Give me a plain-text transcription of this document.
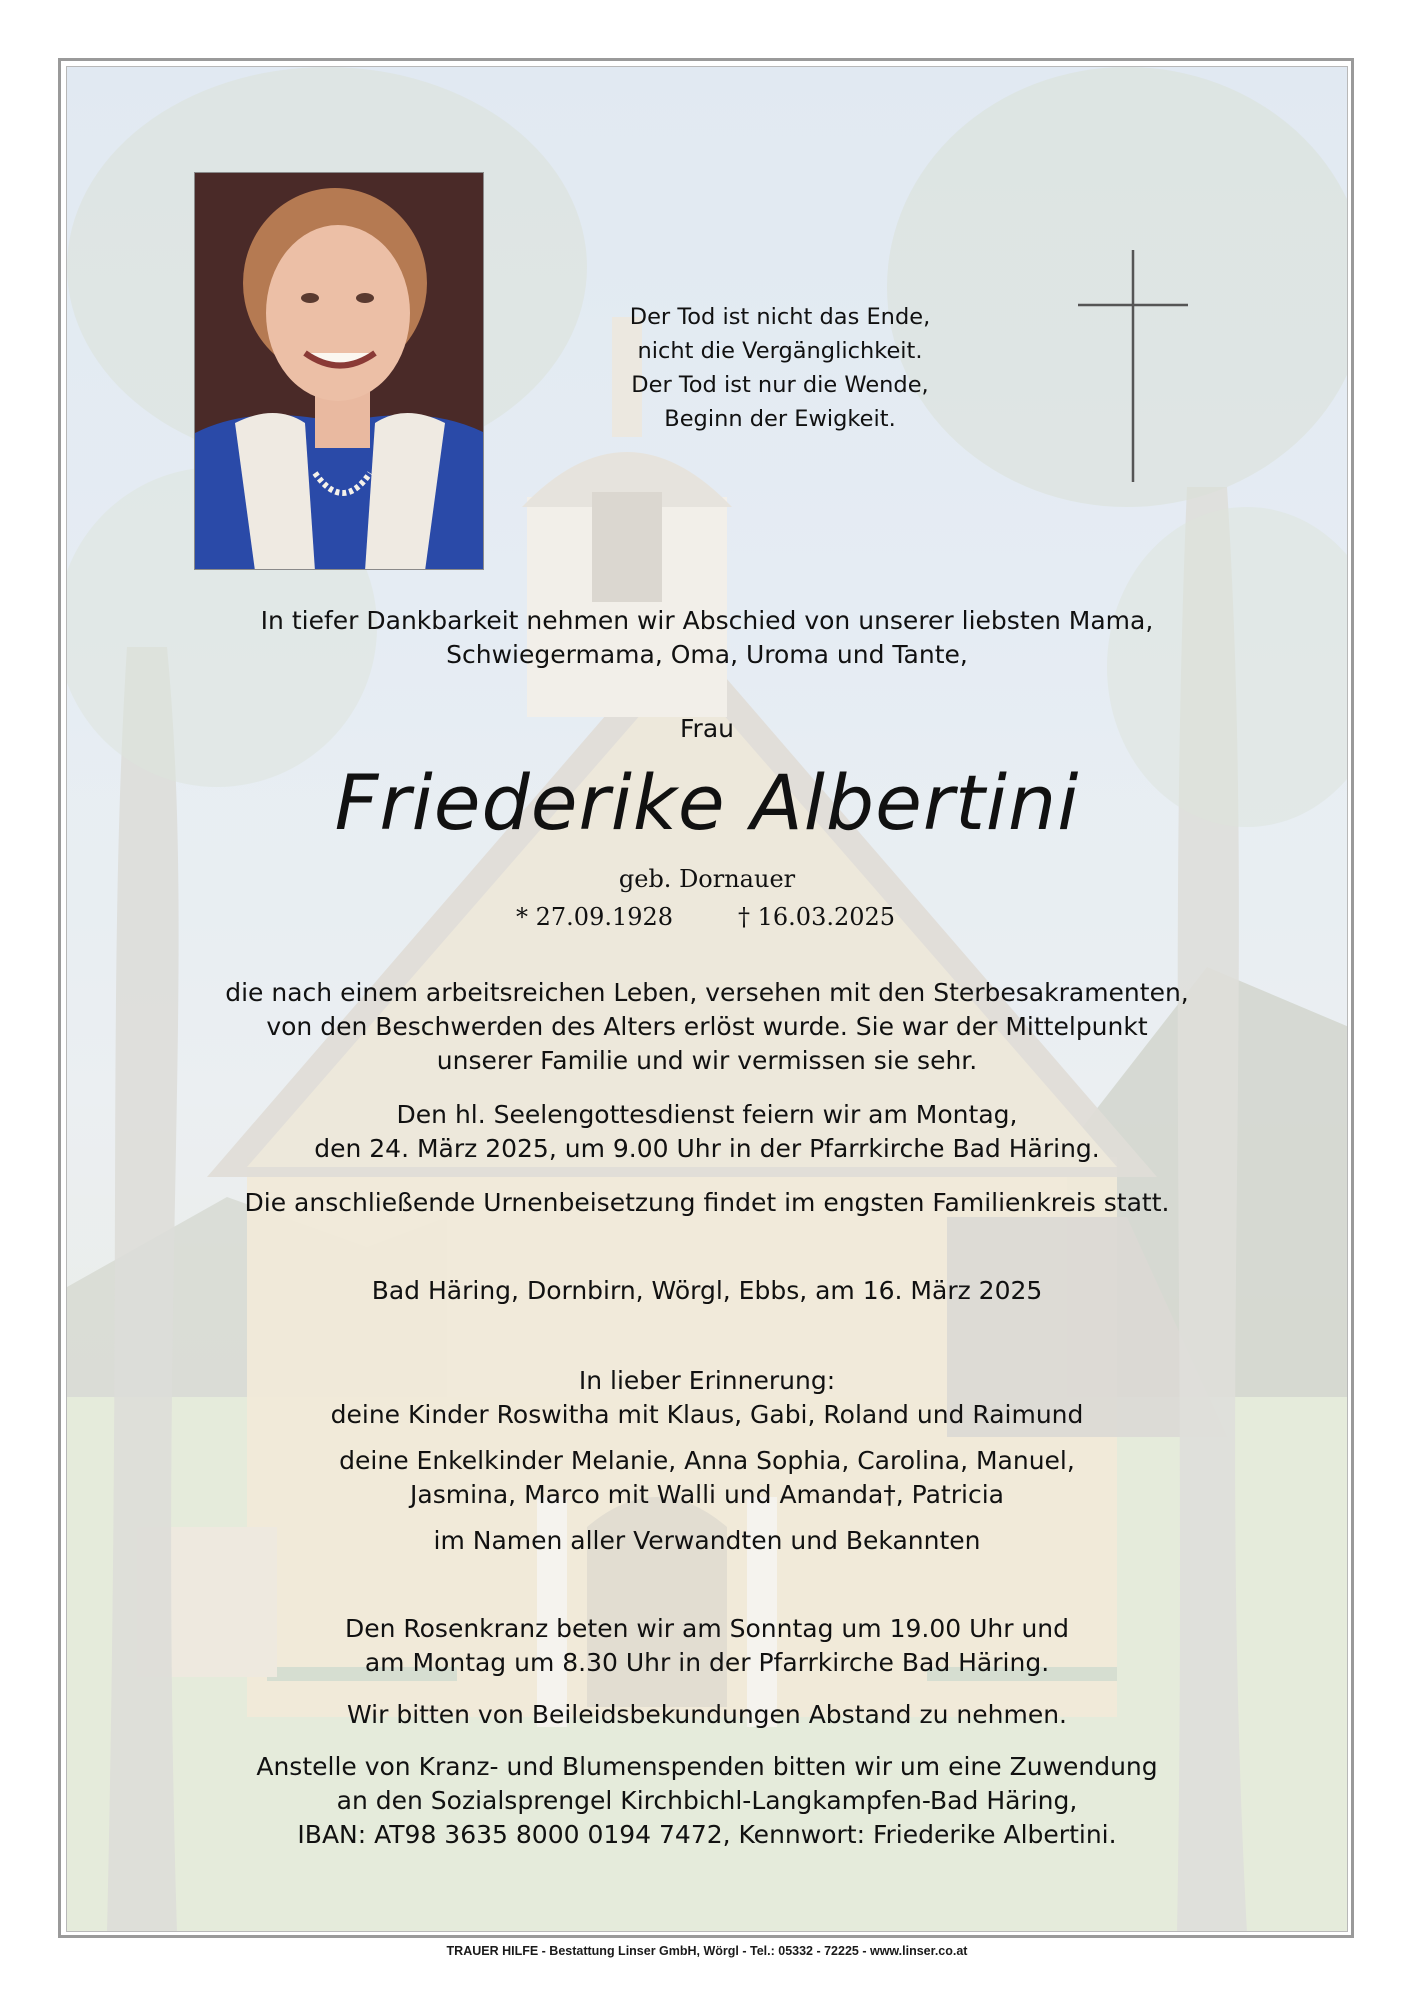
Der Tod ist nicht das Ende,
nicht die Vergänglichkeit.
Der Tod ist nur die Wende,
Beginn der Ewigkeit.
In tiefer Dankbarkeit nehmen wir Abschied von unserer liebsten Mama,
Schwiegermama, Oma, Uroma und Tante,
Frau
Friederike Albertini
geb. Dornauer
* 27.09.1928	† 16.03.2025
die nach einem arbeitsreichen Leben, versehen mit den Sterbesakramenten,
von den Beschwerden des Alters erlöst wurde. Sie war der Mittelpunkt
unserer Familie und wir vermissen sie sehr.
Den hl. Seelengottesdienst feiern wir am Montag,
den 24. März 2025, um 9.00 Uhr in der Pfarrkirche Bad Häring.
Die anschließende Urnenbeisetzung findet im engsten Familienkreis statt.
Bad Häring, Dornbirn, Wörgl, Ebbs, am 16. März 2025
In lieber Erinnerung:
deine Kinder Roswitha mit Klaus, Gabi, Roland und Raimund
deine Enkelkinder Melanie, Anna Sophia, Carolina, Manuel,
Jasmina, Marco mit Walli und Amanda†, Patricia
im Namen aller Verwandten und Bekannten
Den Rosenkranz beten wir am Sonntag um 19.00 Uhr und
am Montag um 8.30 Uhr in der Pfarrkirche Bad Häring.
Wir bitten von Beileidsbekundungen Abstand zu nehmen.
Anstelle von Kranz- und Blumenspenden bitten wir um eine Zuwendung
an den Sozialsprengel Kirchbichl-Langkampfen-Bad Häring,
IBAN: AT98 3635 8000 0194 7472, Kennwort: Friederike Albertini.
TRAUER HILFE - Bestattung Linser GmbH, Wörgl - Tel.: 05332 - 72225 - www.linser.co.at
